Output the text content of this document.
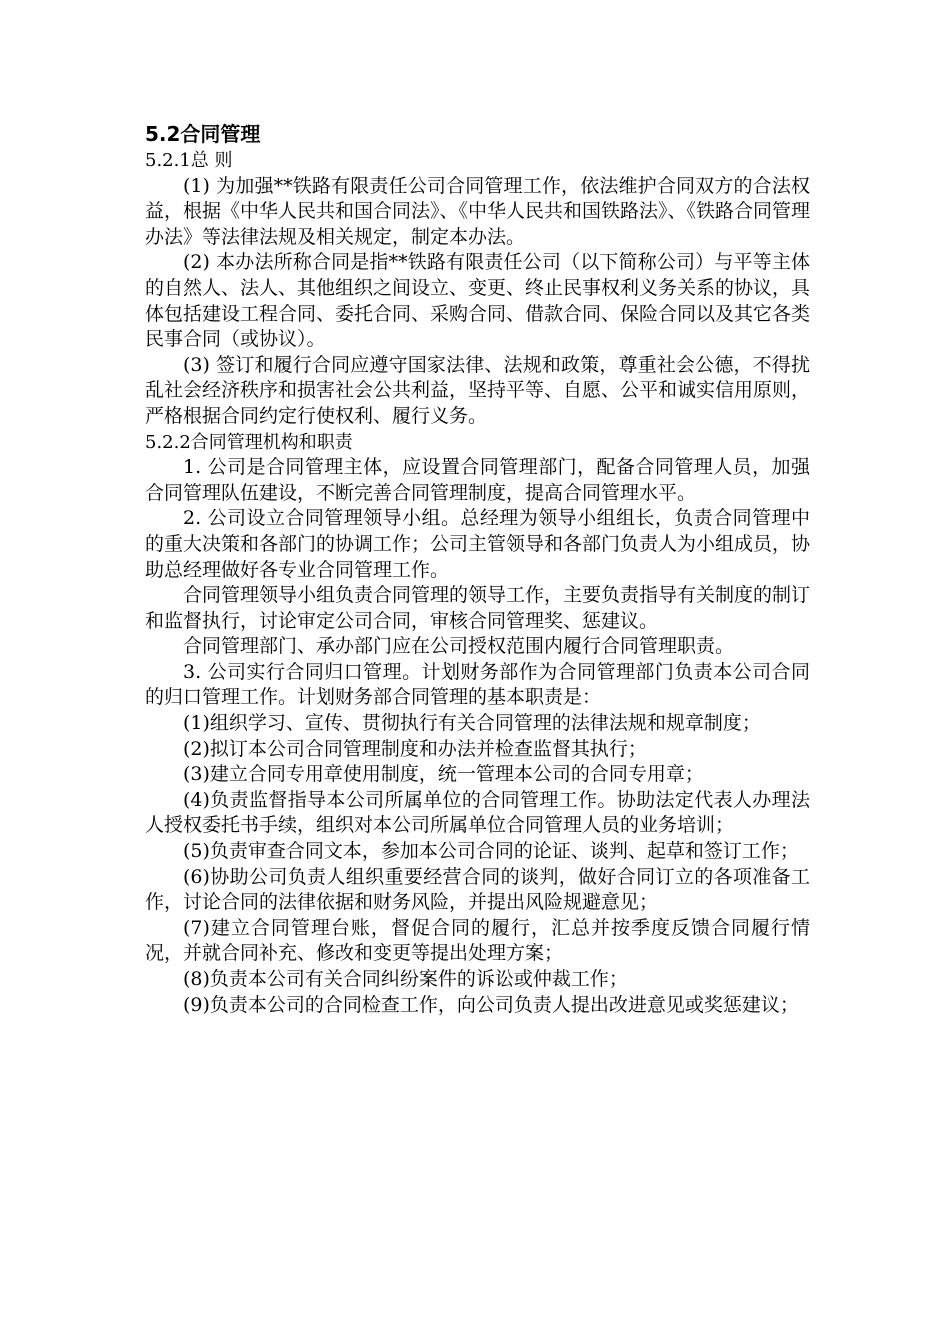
5.2合同管理
5.2.1总 则

(1) 为加强**铁路有限责任公司合同管理工作，依法维护合同双方的合法权益，根据《中华人民共和国合同法》、《中华人民共和国铁路法》、《铁路合同管理办法》等法律法规及相关规定，制定本办法。

(2) 本办法所称合同是指**铁路有限责任公司（以下简称公司）与平等主体的自然人、法人、其他组织之间设立、变更、终止民事权利义务关系的协议，具体包括建设工程合同、委托合同、采购合同、借款合同、保险合同以及其它各类民事合同（或协议）。

(3) 签订和履行合同应遵守国家法律、法规和政策，尊重社会公德，不得扰乱社会经济秩序和损害社会公共利益，坚持平等、自愿、公平和诚实信用原则，严格根据合同约定行使权利、履行义务。

5.2.2合同管理机构和职责

1. 公司是合同管理主体，应设置合同管理部门，配备合同管理人员，加强合同管理队伍建设，不断完善合同管理制度，提高合同管理水平。

2. 公司设立合同管理领导小组。总经理为领导小组组长，负责合同管理中的重大决策和各部门的协调工作；公司主管领导和各部门负责人为小组成员，协助总经理做好各专业合同管理工作。

合同管理领导小组负责合同管理的领导工作，主要负责指导有关制度的制订和监督执行，讨论审定公司合同，审核合同管理奖、惩建议。

合同管理部门、承办部门应在公司授权范围内履行合同管理职责。

3. 公司实行合同归口管理。计划财务部作为合同管理部门负责本公司合同的归口管理工作。计划财务部合同管理的基本职责是：

(1)组织学习、宣传、贯彻执行有关合同管理的法律法规和规章制度；

(2)拟订本公司合同管理制度和办法并检查监督其执行；

(3)建立合同专用章使用制度，统一管理本公司的合同专用章；

(4)负责监督指导本公司所属单位的合同管理工作。协助法定代表人办理法人授权委托书手续，组织对本公司所属单位合同管理人员的业务培训；

(5)负责审查合同文本，参加本公司合同的论证、谈判、起草和签订工作；

(6)协助公司负责人组织重要经营合同的谈判，做好合同订立的各项准备工作，讨论合同的法律依据和财务风险，并提出风险规避意见；

(7)建立合同管理台账，督促合同的履行，汇总并按季度反馈合同履行情况，并就合同补充、修改和变更等提出处理方案；

(8)负责本公司有关合同纠纷案件的诉讼或仲裁工作；

(9)负责本公司的合同检查工作，向公司负责人提出改进意见或奖惩建议；
